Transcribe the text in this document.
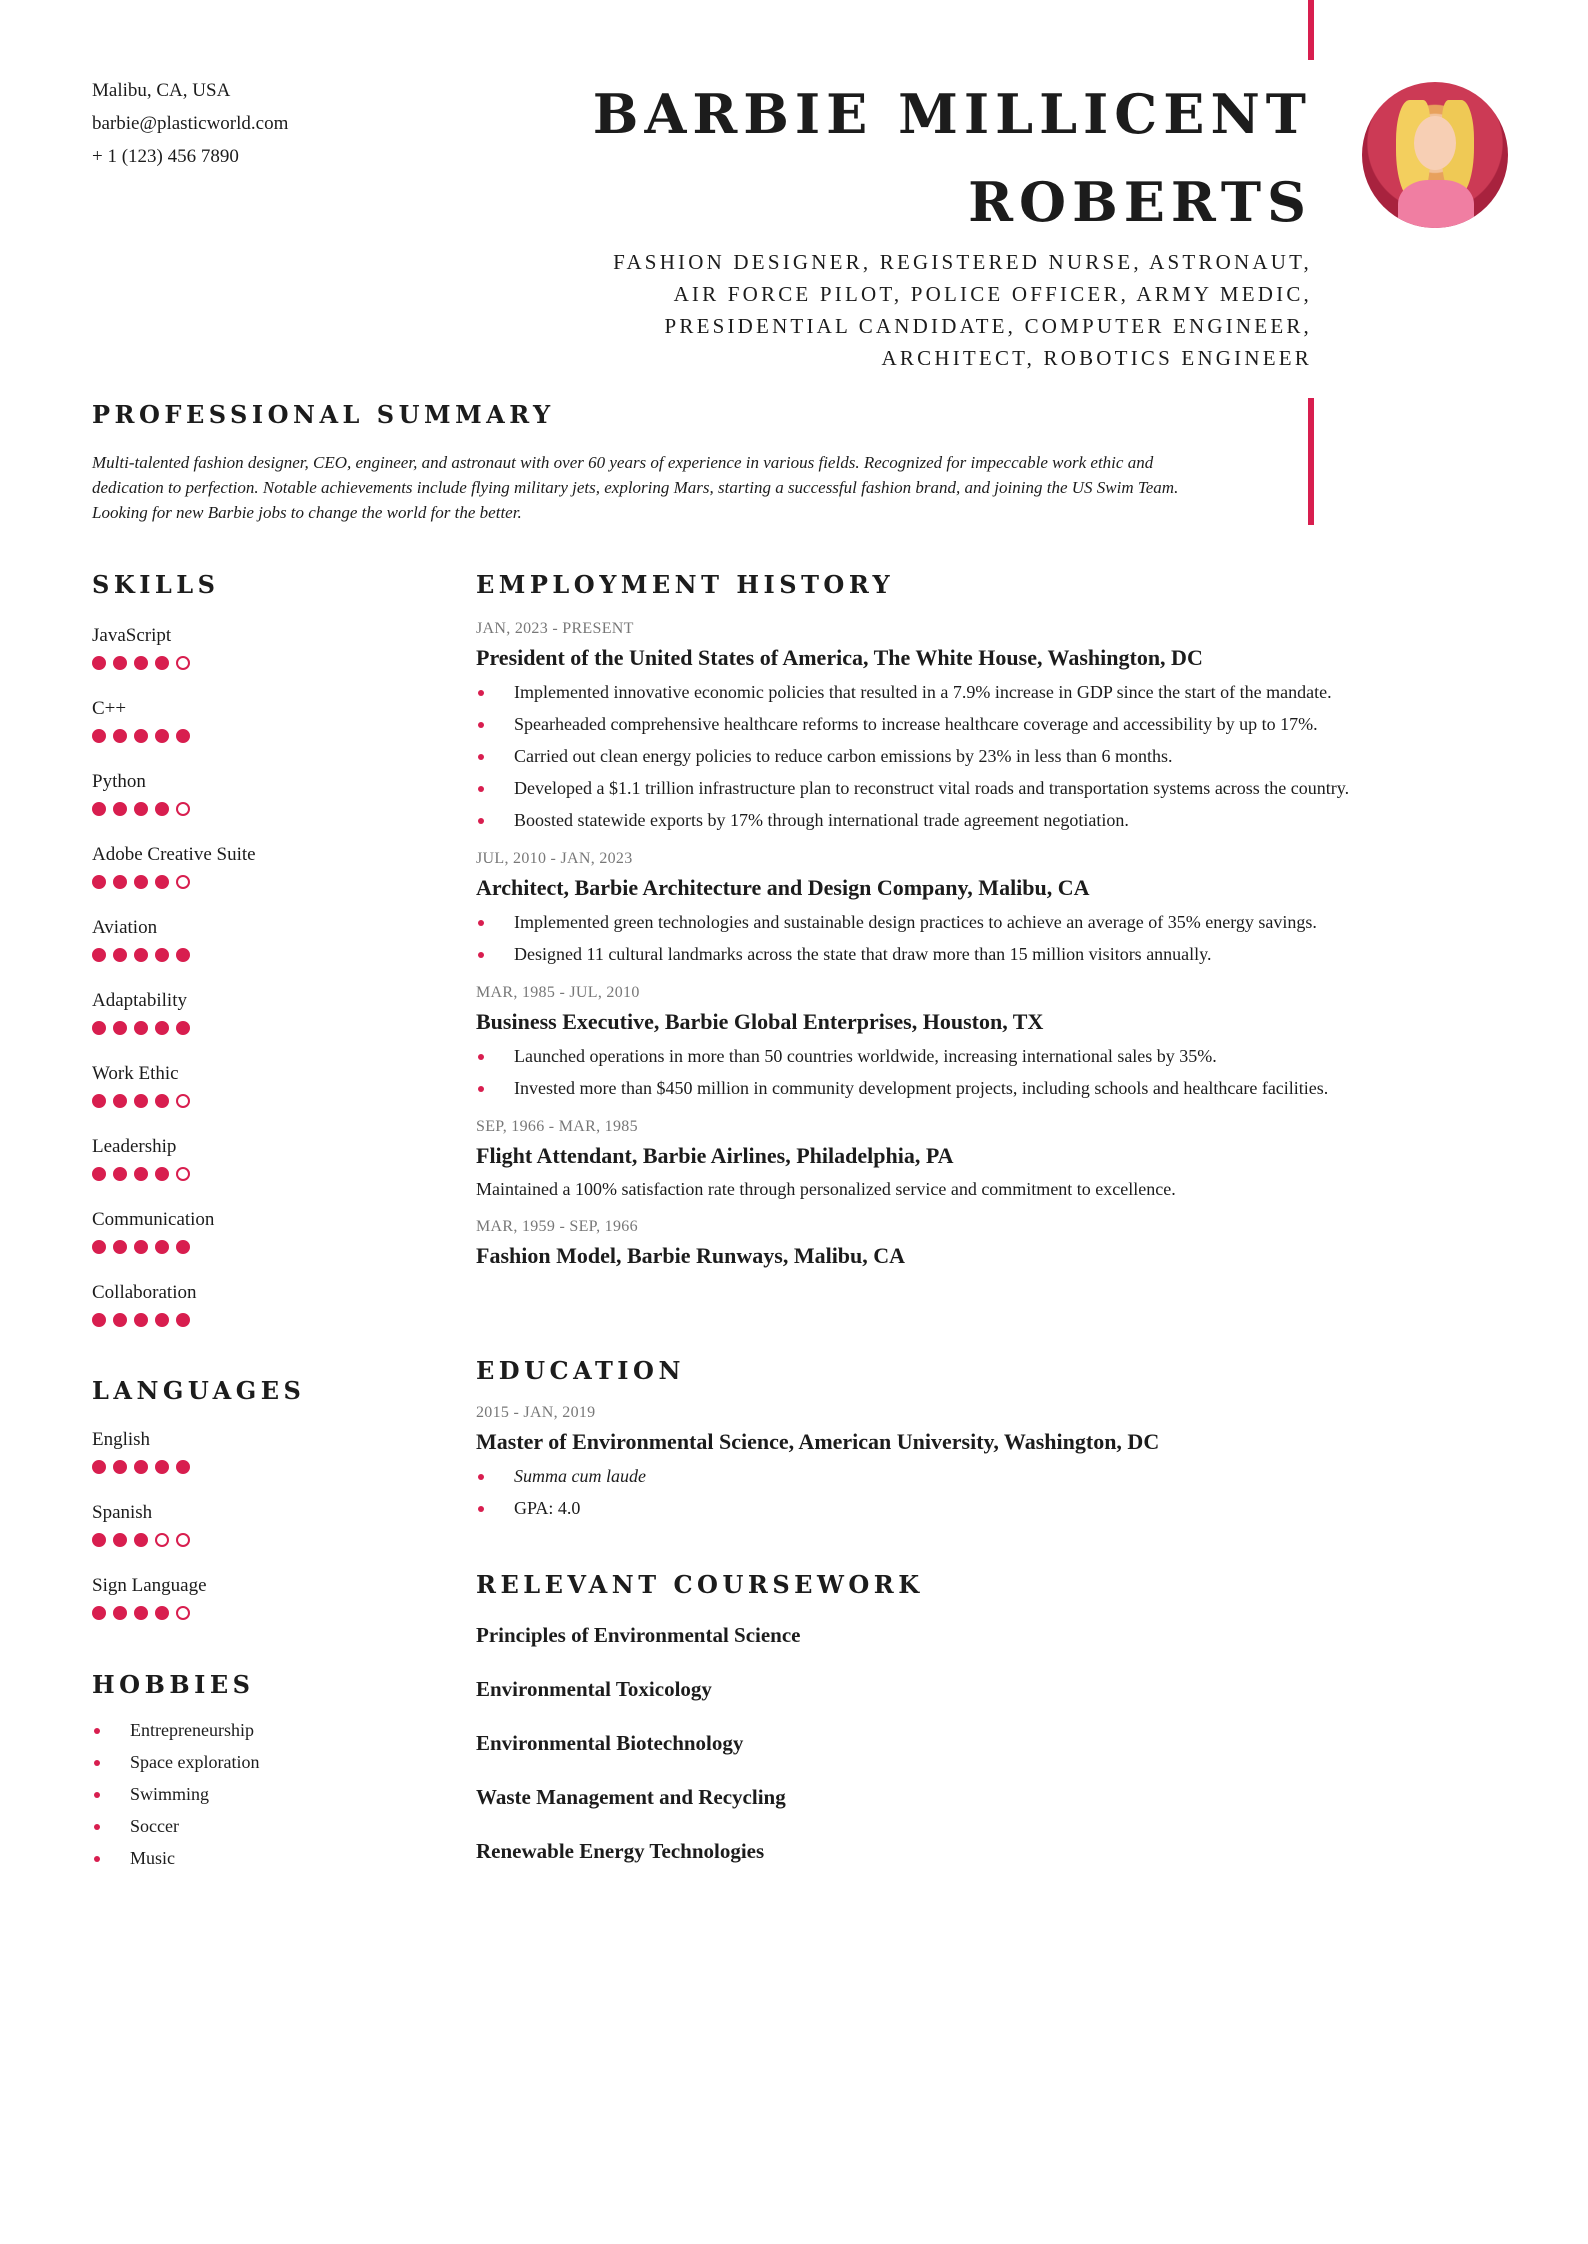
Malibu, CA, USA
barbie@plasticworld.com
+ 1 (123) 456 7890
BARBIE MILLICENT
ROBERTS
FASHION DESIGNER, REGISTERED NURSE, ASTRONAUT,
AIR FORCE PILOT, POLICE OFFICER, ARMY MEDIC,
PRESIDENTIAL CANDIDATE, COMPUTER ENGINEER,
ARCHITECT, ROBOTICS ENGINEER
PROFESSIONAL SUMMARY
Multi-talented fashion designer, CEO, engineer, and astronaut with over 60 years of experience in various fields. Recognized for impeccable work ethic and dedication to perfection. Notable achievements include flying military jets, exploring Mars, starting a successful fashion brand, and joining the US Swim Team. Looking for new Barbie jobs to change the world for the better.
SKILLS
JavaScript
C++
Python
Adobe Creative Suite
Aviation
Adaptability
Work Ethic
Leadership
Communication
Collaboration
LANGUAGES
English
Spanish
Sign Language
HOBBIES
Entrepreneurship
Space exploration
Swimming
Soccer
Music
EMPLOYMENT HISTORY
JAN, 2023 - PRESENT
President of the United States of America, The White House, Washington, DC
Implemented innovative economic policies that resulted in a 7.9% increase in GDP since the start of the mandate.
Spearheaded comprehensive healthcare reforms to increase healthcare coverage and accessibility by up to 17%.
Carried out clean energy policies to reduce carbon emissions by 23% in less than 6 months.
Developed a $1.1 trillion infrastructure plan to reconstruct vital roads and transportation systems across the country.
Boosted statewide exports by 17% through international trade agreement negotiation.
JUL, 2010 - JAN, 2023
Architect, Barbie Architecture and Design Company, Malibu, CA
Implemented green technologies and sustainable design practices to achieve an average of 35% energy savings.
Designed 11 cultural landmarks across the state that draw more than 15 million visitors annually.
MAR, 1985 - JUL, 2010
Business Executive, Barbie Global Enterprises, Houston, TX
Launched operations in more than 50 countries worldwide, increasing international sales by 35%.
Invested more than $450 million in community development projects, including schools and healthcare facilities.
SEP, 1966 - MAR, 1985
Flight Attendant, Barbie Airlines, Philadelphia, PA
Maintained a 100% satisfaction rate through personalized service and commitment to excellence.
MAR, 1959 - SEP, 1966
Fashion Model, Barbie Runways, Malibu, CA
EDUCATION
2015 - JAN, 2019
Master of Environmental Science, American University, Washington, DC
Summa cum laude
GPA: 4.0
RELEVANT COURSEWORK
Principles of Environmental Science
Environmental Toxicology
Environmental Biotechnology
Waste Management and Recycling
Renewable Energy Technologies
